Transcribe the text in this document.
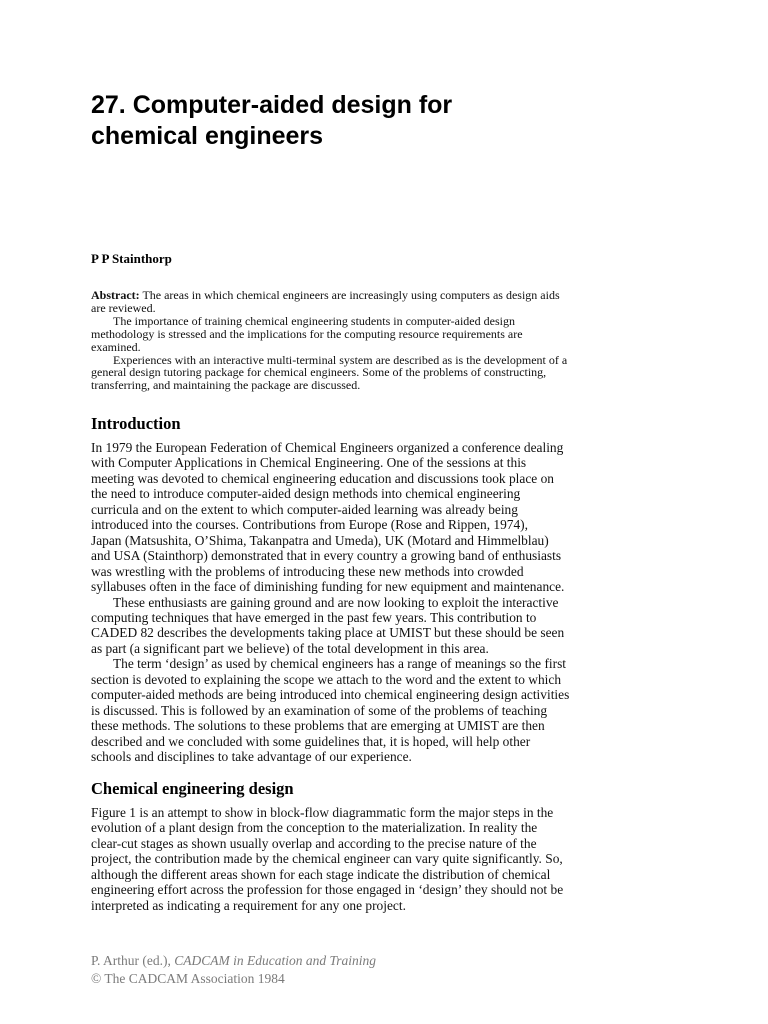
27. Computer-aided design for
chemical engineers
P P Stainthorp
Abstract: The areas in which chemical engineers are increasingly using computers as design aids
are reviewed.
The importance of training chemical engineering students in computer-aided design
methodology is stressed and the implications for the computing resource requirements are
examined.
Experiences with an interactive multi-terminal system are described as is the development of a
general design tutoring package for chemical engineers. Some of the problems of constructing,
transferring, and maintaining the package are discussed.
Introduction
In 1979 the European Federation of Chemical Engineers organized a conference dealing
with Computer Applications in Chemical Engineering. One of the sessions at this
meeting was devoted to chemical engineering education and discussions took place on
the need to introduce computer-aided design methods into chemical engineering
curricula and on the extent to which computer-aided learning was already being
introduced into the courses. Contributions from Europe (Rose and Rippen, 1974),
Japan (Matsushita, O’Shima, Takanpatra and Umeda), UK (Motard and Himmelblau)
and USA (Stainthorp) demonstrated that in every country a growing band of enthusiasts
was wrestling with the problems of introducing these new methods into crowded
syllabuses often in the face of diminishing funding for new equipment and maintenance.
These enthusiasts are gaining ground and are now looking to exploit the interactive
computing techniques that have emerged in the past few years. This contribution to
CADED 82 describes the developments taking place at UMIST but these should be seen
as part (a significant part we believe) of the total development in this area.
The term ‘design’ as used by chemical engineers has a range of meanings so the first
section is devoted to explaining the scope we attach to the word and the extent to which
computer-aided methods are being introduced into chemical engineering design activities
is discussed. This is followed by an examination of some of the problems of teaching
these methods. The solutions to these problems that are emerging at UMIST are then
described and we concluded with some guidelines that, it is hoped, will help other
schools and disciplines to take advantage of our experience.
Chemical engineering design
Figure 1 is an attempt to show in block-flow diagrammatic form the major steps in the
evolution of a plant design from the conception to the materialization. In reality the
clear-cut stages as shown usually overlap and according to the precise nature of the
project, the contribution made by the chemical engineer can vary quite significantly. So,
although the different areas shown for each stage indicate the distribution of chemical
engineering effort across the profession for those engaged in ‘design’ they should not be
interpreted as indicating a requirement for any one project.
P. Arthur (ed.), CADCAM in Education and Training
© The CADCAM Association 1984
